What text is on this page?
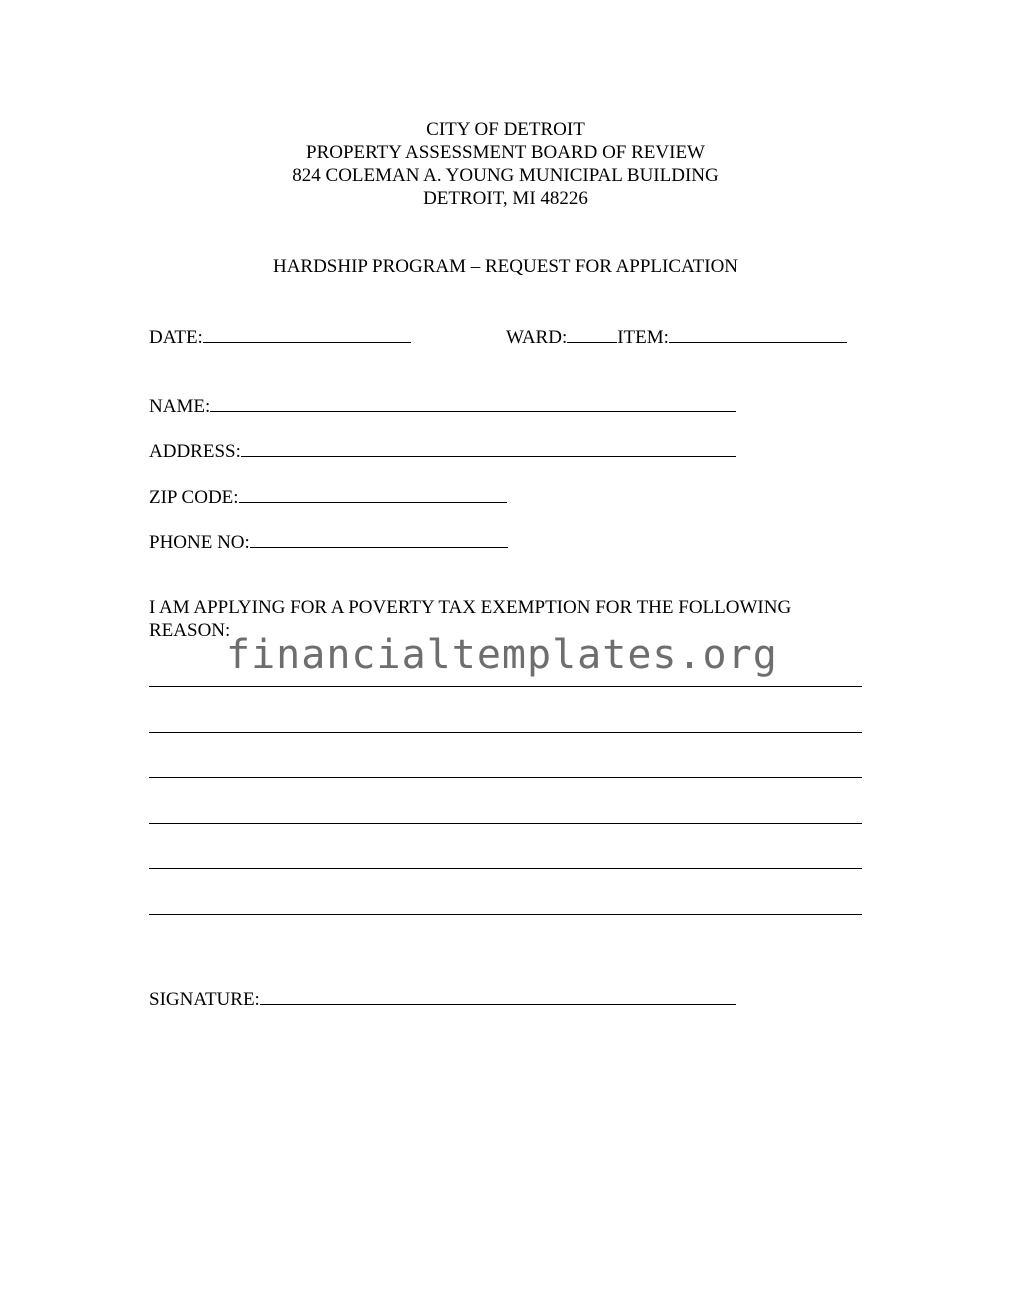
CITY OF DETROIT
PROPERTY ASSESSMENT BOARD OF REVIEW
824 COLEMAN A. YOUNG MUNICIPAL BUILDING
DETROIT, MI 48226
HARDSHIP PROGRAM – REQUEST FOR APPLICATION
DATE:	WARD:	ITEM:
NAME:
ADDRESS:
ZIP CODE:
PHONE NO:
I AM APPLYING FOR A POVERTY TAX EXEMPTION FOR THE FOLLOWING
REASON:
financialtemplates.org
SIGNATURE:
